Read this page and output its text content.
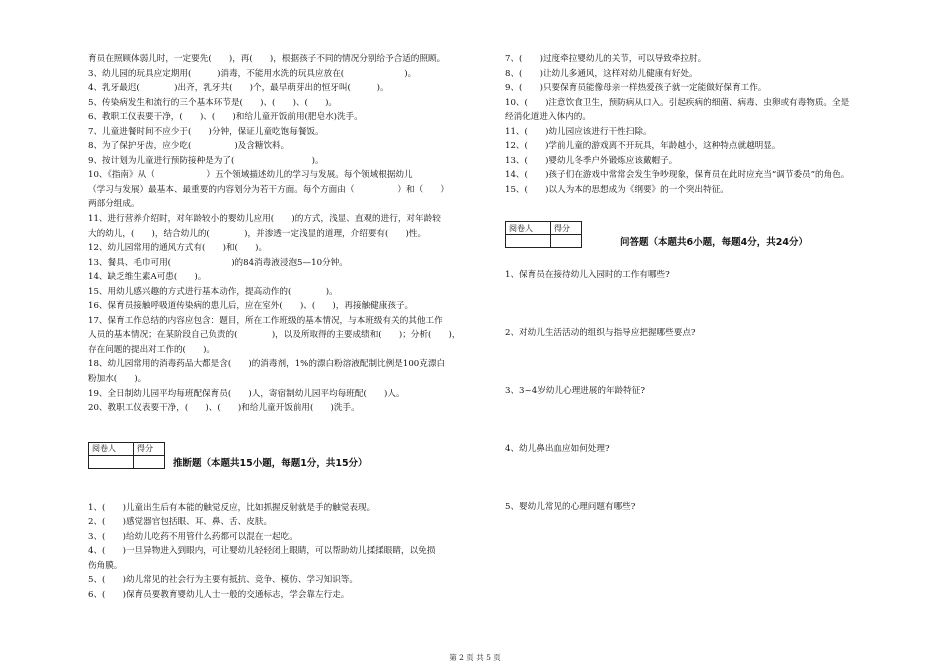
育员在照顾体弱儿时，一定要先(　　)，再(　　)，根据孩子不同的情况分别给予合适的照顾。
3、幼儿园的玩具应定期用(　　　)消毒，不能用水洗的玩具应放在(　　　　　　　)。
4、乳牙最迟(　　　　)出齐，乳牙共(　　)个，最早萌芽出的恒牙叫(　　　)。
5、传染病发生和流行的三个基本环节是(　　)、(　　)、(　　)。
6、教职工仪表要干净，(　　)、(　　)和给儿童开饭前用(肥皂水)洗手。
7、儿童进餐时间不应少于(　　)分钟，保证儿童吃饱每餐饭。
8、为了保护牙齿，应少吃(　　　　　)及含糖饮料。
9、按计划为儿童进行预防接种是为了(　　　　　　　　　)。
10、《指南》从（　　　　　　）五个领域描述幼儿的学习与发展。每个领域根据幼儿
（学习与发展）最基本、最重要的内容划分为若干方面。每个方面由（　　　　　）和（　　）
两部分组成。
11、进行营养介绍时，对年龄较小的婴幼儿应用(　　)的方式，浅显、直观的进行，对年龄较
大的幼儿，(　　)，结合幼儿的(　　　　)，并渗透一定浅显的道理，介绍要有(　　)性。
12、幼儿园常用的通风方式有(　　)和(　　)。
13、餐具、毛巾可用(　　　　　　　)的84消毒液浸泡5—10分钟。
14、缺乏维生素A可患(　　)。
15、用幼儿感兴趣的方式进行基本动作，提高动作的(　　　　)。
16、保育员接触呼吸道传染病的患儿后，应在室外(　　)、(　　)，再接触健康孩子。
17、保育工作总结的内容应包含：题目，所在工作班级的基本情况，与本班级有关的其他工作
人员的基本情况；在某阶段自己负责的(　　　　)，以及所取得的主要成绩和(　　)；分析(　　)，
存在问题的提出对工作的(　　)。
18、幼儿园常用的消毒药品大都是含(　　)的消毒剂，1%的漂白粉溶液配制比例是100克漂白
粉加水(　　)。
19、全日制幼儿园平均每班配保育员(　　)人，寄宿制幼儿园平均每班配(　　)人。
20、教职工仪表要干净，(　　)、(　　)和给儿童开饭前用(　　)洗手。
阅卷人	得分

推断题（本题共15小题，每题1分，共15分）
1、(　　)儿童出生后有本能的触觉反应，比如抓握反射就是手的触觉表现。
2、(　　)感觉器官包括眼、耳、鼻、舌、皮肤。
3、(　　)给幼儿吃药不用管什么药都可以混在一起吃。
4、(　　)一旦异物进入到眼内，可让婴幼儿轻轻闭上眼睛，可以帮助幼儿揉揉眼睛，以免损
伤角膜。
5、(　　)幼儿常见的社会行为主要有抵抗、竞争、模仿、学习知识等。
6、(　　)保育员要教育婴幼儿人士一般的交通标志，学会靠左行走。
7、(　　)过度牵拉婴幼儿的关节，可以导致牵拉肘。
8、(　　)让幼儿多通风，这样对幼儿健康有好处。
9、(　　)只要保育员能像母亲一样热爱孩子就一定能做好保育工作。
10、(　　)注意饮食卫生，预防病从口入。引起疾病的细菌、病毒、虫卵或有毒物质。全是
经消化道进入体内的。
11、(　　)幼儿园应该进行干性扫除。
12、(　　)学前儿童的游戏离不开玩具，年龄越小，这种特点就越明显。
13、(　　)婴幼儿冬季户外锻炼应该戴帽子。
14、(　　)孩子们在游戏中常常会发生争吵现象，保育员在此时应充当“调节委员”的角色。
15、(　　)以人为本的思想成为《纲要》的一个突出特征。
阅卷人	得分

问答题（本题共6小题，每题4分，共24分）
1、保育员在接待幼儿入园时的工作有哪些?
2、对幼儿生活活动的组织与指导应把握哪些要点?
3、3~4岁幼儿心理进展的年龄特征?
4、幼儿鼻出血应如何处理?
5、婴幼儿常见的心理问题有哪些?
第 2 页 共 5 页
